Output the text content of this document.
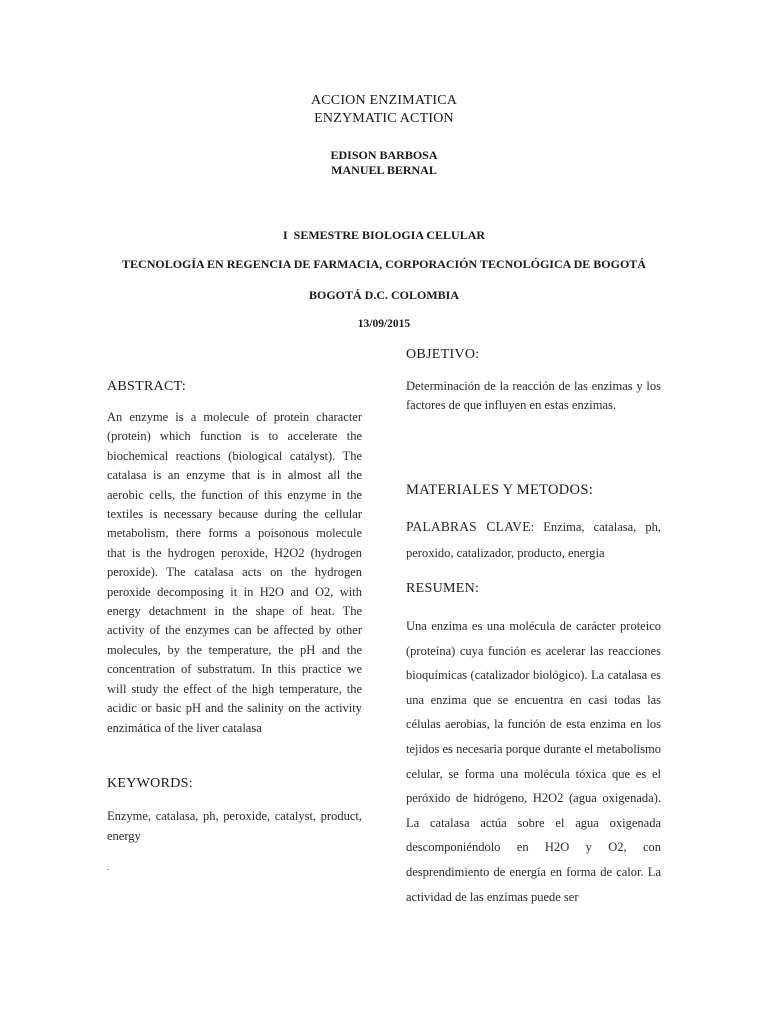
ACCION ENZIMATICA
ENZYMATIC ACTION
EDISON BARBOSA
MANUEL BERNAL
I  SEMESTRE BIOLOGIA CELULAR
TECNOLOGÍA EN REGENCIA DE FARMACIA, CORPORACIÓN TECNOLÓGICA DE BOGOTÁ
BOGOTÁ D.C. COLOMBIA
13/09/2015
ABSTRACT:
An enzyme is a molecule of protein character (protein) which function is to accelerate the biochemical reactions (biological catalyst). The catalasa is an enzyme that is in almost all the aerobic cells, the function of this enzyme in the textiles is necessary because during the cellular metabolism, there forms a poisonous molecule that is the hydrogen peroxide, H2O2 (hydrogen peroxide). The catalasa acts on the hydrogen peroxide decomposing it in H2O and O2, with energy detachment in the shape of heat. The activity of the enzymes can be affected by other molecules, by the temperature, the pH and the concentration of substratum. In this practice we will study the effect of the high temperature, the acidic or basic pH and the salinity on the activity enzimática of the liver catalasa
KEYWORDS:
Enzyme, catalasa, ph, peroxide, catalyst, product, energy
.
OBJETIVO:
Determinación de la reacción de las enzimas y los factores de que influyen en estas enzimas.
MATERIALES Y METODOS:
PALABRAS CLAVE: Enzima, catalasa, ph, peroxido, catalizador, producto, energia
RESUMEN:
Una enzima es una molécula de carácter proteico (proteína) cuya función es acelerar las reacciones bioquímicas (catalizador biológico). La catalasa es una enzima que se encuentra en casi todas las células aerobias, la función de esta enzima en los tejidos es necesaria porque durante el metabolismo celular, se forma una molécula tóxica que es el peróxido de hidrógeno, H2O2 (agua oxigenada). La catalasa actúa sobre el agua oxigenada descomponiéndolo en H2O y O2, con desprendimiento de energía en forma de calor. La actividad de las enzimas puede ser
